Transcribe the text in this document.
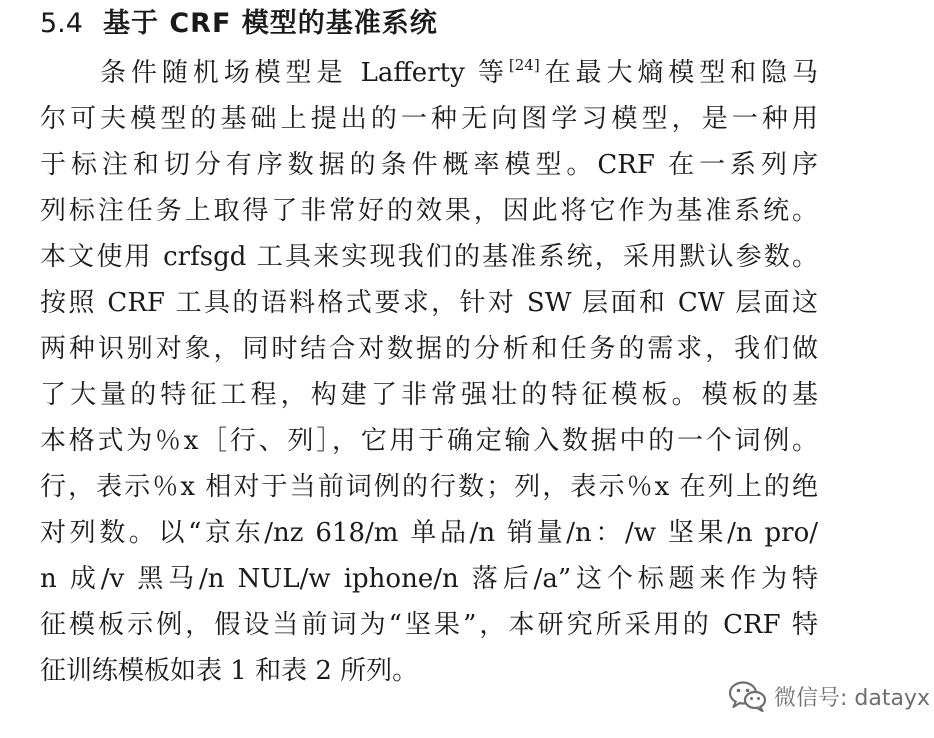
5.4 基于 CRF 模型的基准系统
条件随机场模型是 Lafferty 等[24]在最大熵模型和隐马
尔可夫模型的基础上提出的一种无向图学习模型，是一种用
于标注和切分有序数据的条件概率模型。CRF 在一系列序
列标注任务上取得了非常好的效果，因此将它作为基准系统。
本文使用 crfsgd 工具来实现我们的基准系统，采用默认参数。
按照 CRF 工具的语料格式要求，针对 SW 层面和 CW 层面这
两种识别对象，同时结合对数据的分析和任务的需求，我们做
了大量的特征工程，构建了非常强壮的特征模板。模板的基
本格式为％x［行、列］，它用于确定输入数据中的一个词例。
行，表示％x 相对于当前词例的行数；列，表示％x 在列上的绝
对列数。以“京东/nz 618/m 单品/n 销量/n：/w 坚果/n pro/
n 成/v 黑马/n NUL/w iphone/n 落后/a”这个标题来作为特
征模板示例，假设当前词为“坚果”，本研究所采用的 CRF 特
征训练模板如表 1 和表 2 所列。
微信号: datayx
